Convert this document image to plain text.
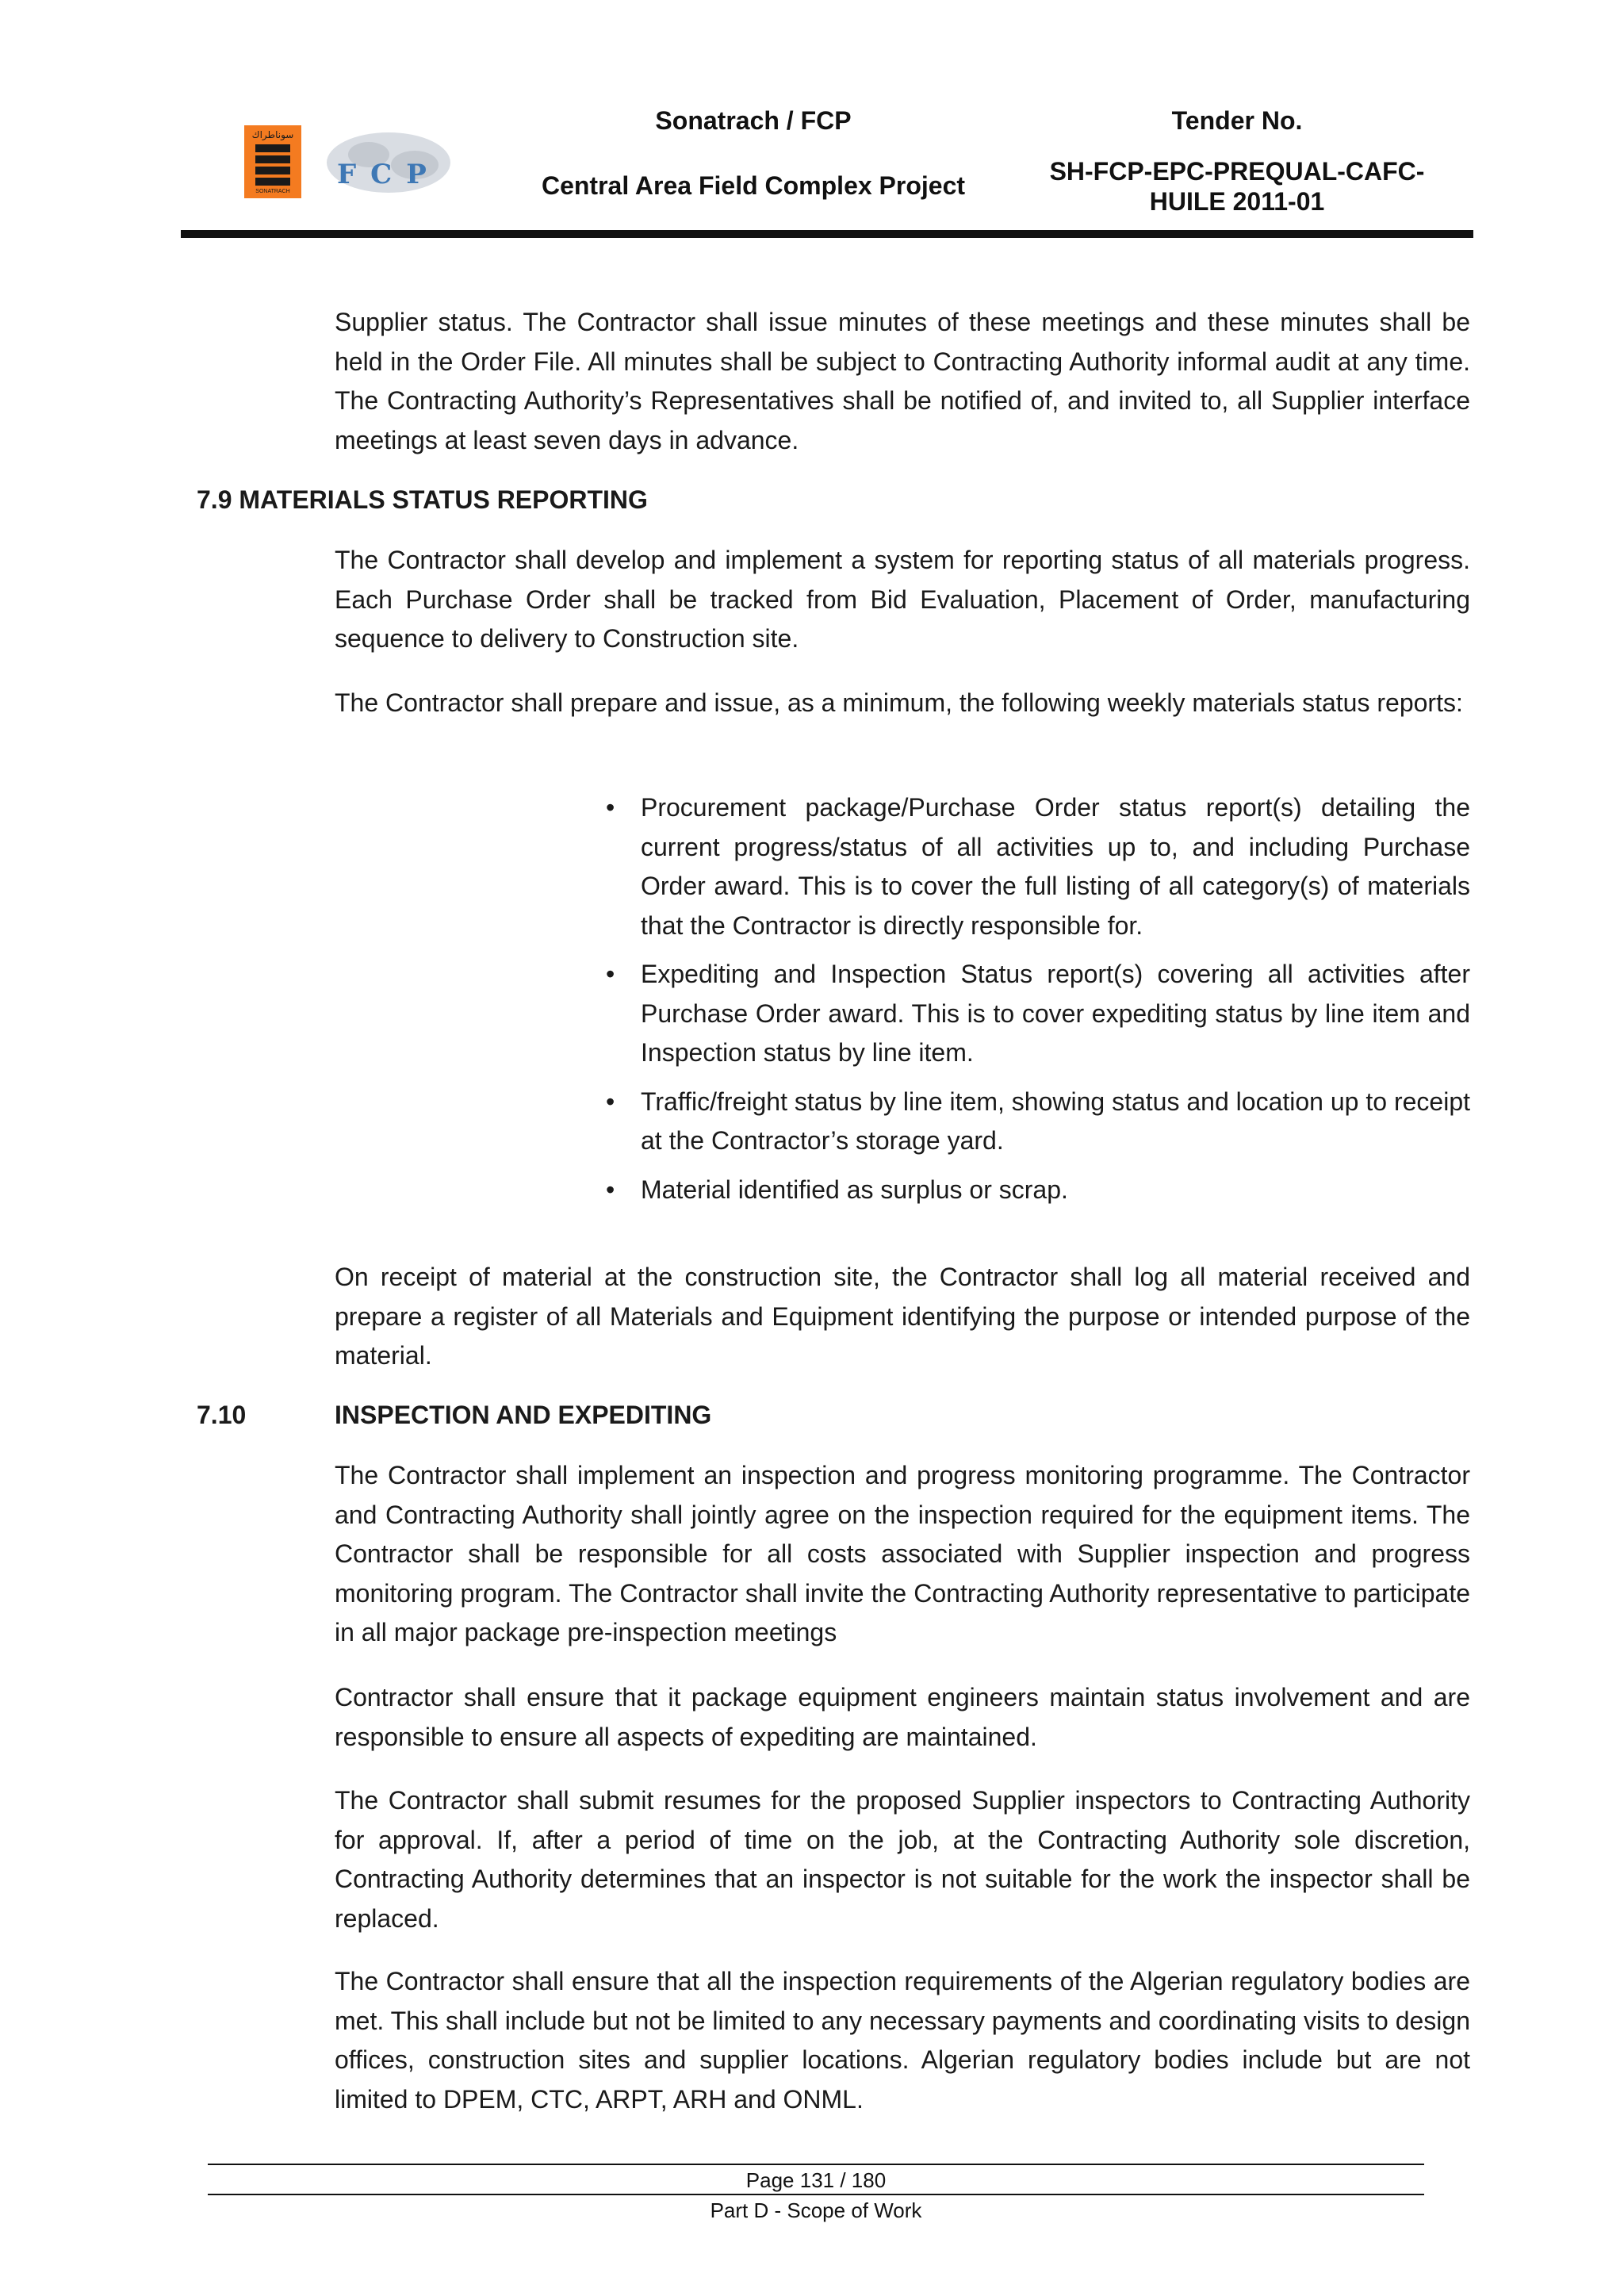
سوناطراك
SONATRACH
FCP
Sonatrach / FCP
Central Area Field Complex Project
Tender No.
SH-FCP-EPC-PREQUAL-CAFC-
HUILE 2011-01
Supplier status. The Contractor shall issue minutes of these meetings and these minutes shall be held in the Order File. All minutes shall be subject to Contracting Authority informal audit at any time. The Contracting Authority’s Representatives shall be notified of, and invited to, all Supplier interface meetings at least seven days in advance.
7.9 MATERIALS STATUS REPORTING
The Contractor shall develop and implement a system for reporting status of all materials progress. Each Purchase Order shall be tracked from Bid Evaluation, Placement of Order, manufacturing sequence to delivery to Construction site.
The Contractor shall prepare and issue, as a minimum, the following weekly materials status reports:
• Procurement package/Purchase Order status report(s) detailing the current progress/status of all activities up to, and including Purchase Order award. This is to cover the full listing of all category(s) of materials that the Contractor is directly responsible for.
• Expediting and Inspection Status report(s) covering all activities after Purchase Order award. This is to cover expediting status by line item and Inspection status by line item.
• Traffic/freight status by line item, showing status and location up to receipt at the Contractor’s storage yard.
• Material identified as surplus or scrap.
On receipt of material at the construction site, the Contractor shall log all material received and prepare a register of all Materials and Equipment identifying the purpose or intended purpose of the material.
7.10	INSPECTION AND EXPEDITING
The Contractor shall implement an inspection and progress monitoring programme. The Contractor and Contracting Authority shall jointly agree on the inspection required for the equipment items. The Contractor shall be responsible for all costs associated with Supplier inspection and progress monitoring program. The Contractor shall invite the Contracting Authority representative to participate in all major package pre-inspection meetings
Contractor shall ensure that it package equipment engineers maintain status involvement and are responsible to ensure all aspects of expediting are maintained.
The Contractor shall submit resumes for the proposed Supplier inspectors to Contracting Authority for approval. If, after a period of time on the job, at the Contracting Authority sole discretion, Contracting Authority determines that an inspector is not suitable for the work the inspector shall be replaced.
The Contractor shall ensure that all the inspection requirements of the Algerian regulatory bodies are met. This shall include but not be limited to any necessary payments and coordinating visits to design offices, construction sites and supplier locations. Algerian regulatory bodies include but are not limited to DPEM, CTC, ARPT, ARH and ONML.
Page 131 / 180
Part D - Scope of Work
